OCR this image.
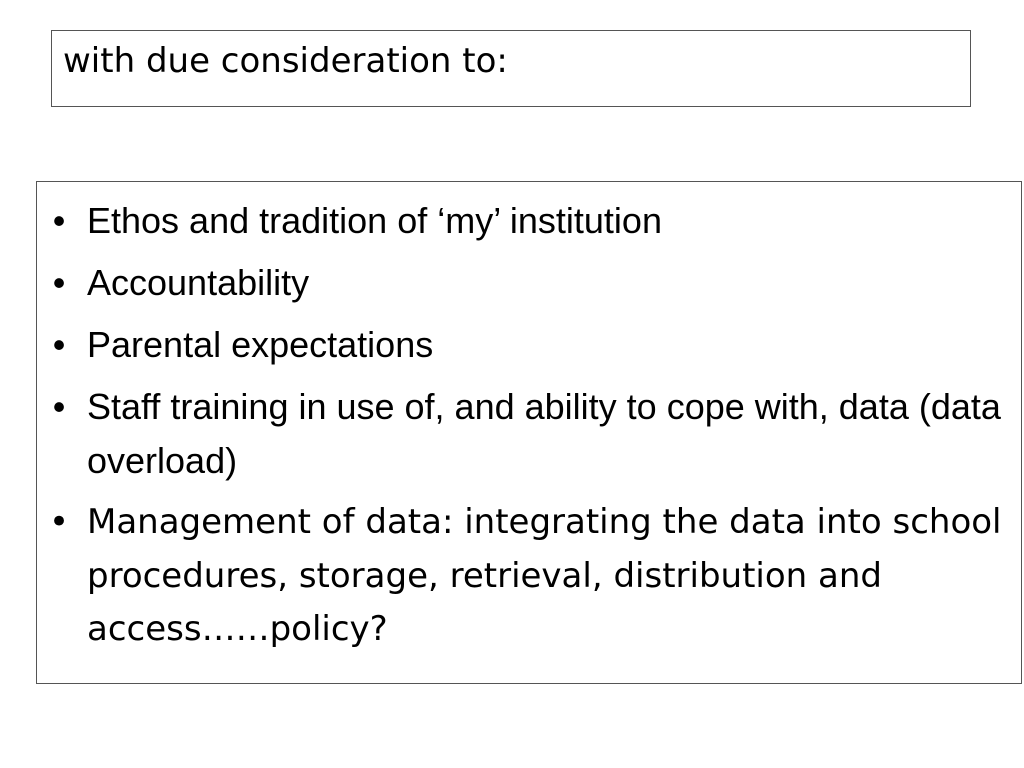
with due consideration to:
• Ethos and tradition of ‘my’ institution
• Accountability
• Parental expectations
• Staff training in use of, and ability to cope with, data (data overload)
• Management of data: integrating the data into school procedures, storage, retrieval, distribution and access……policy?
